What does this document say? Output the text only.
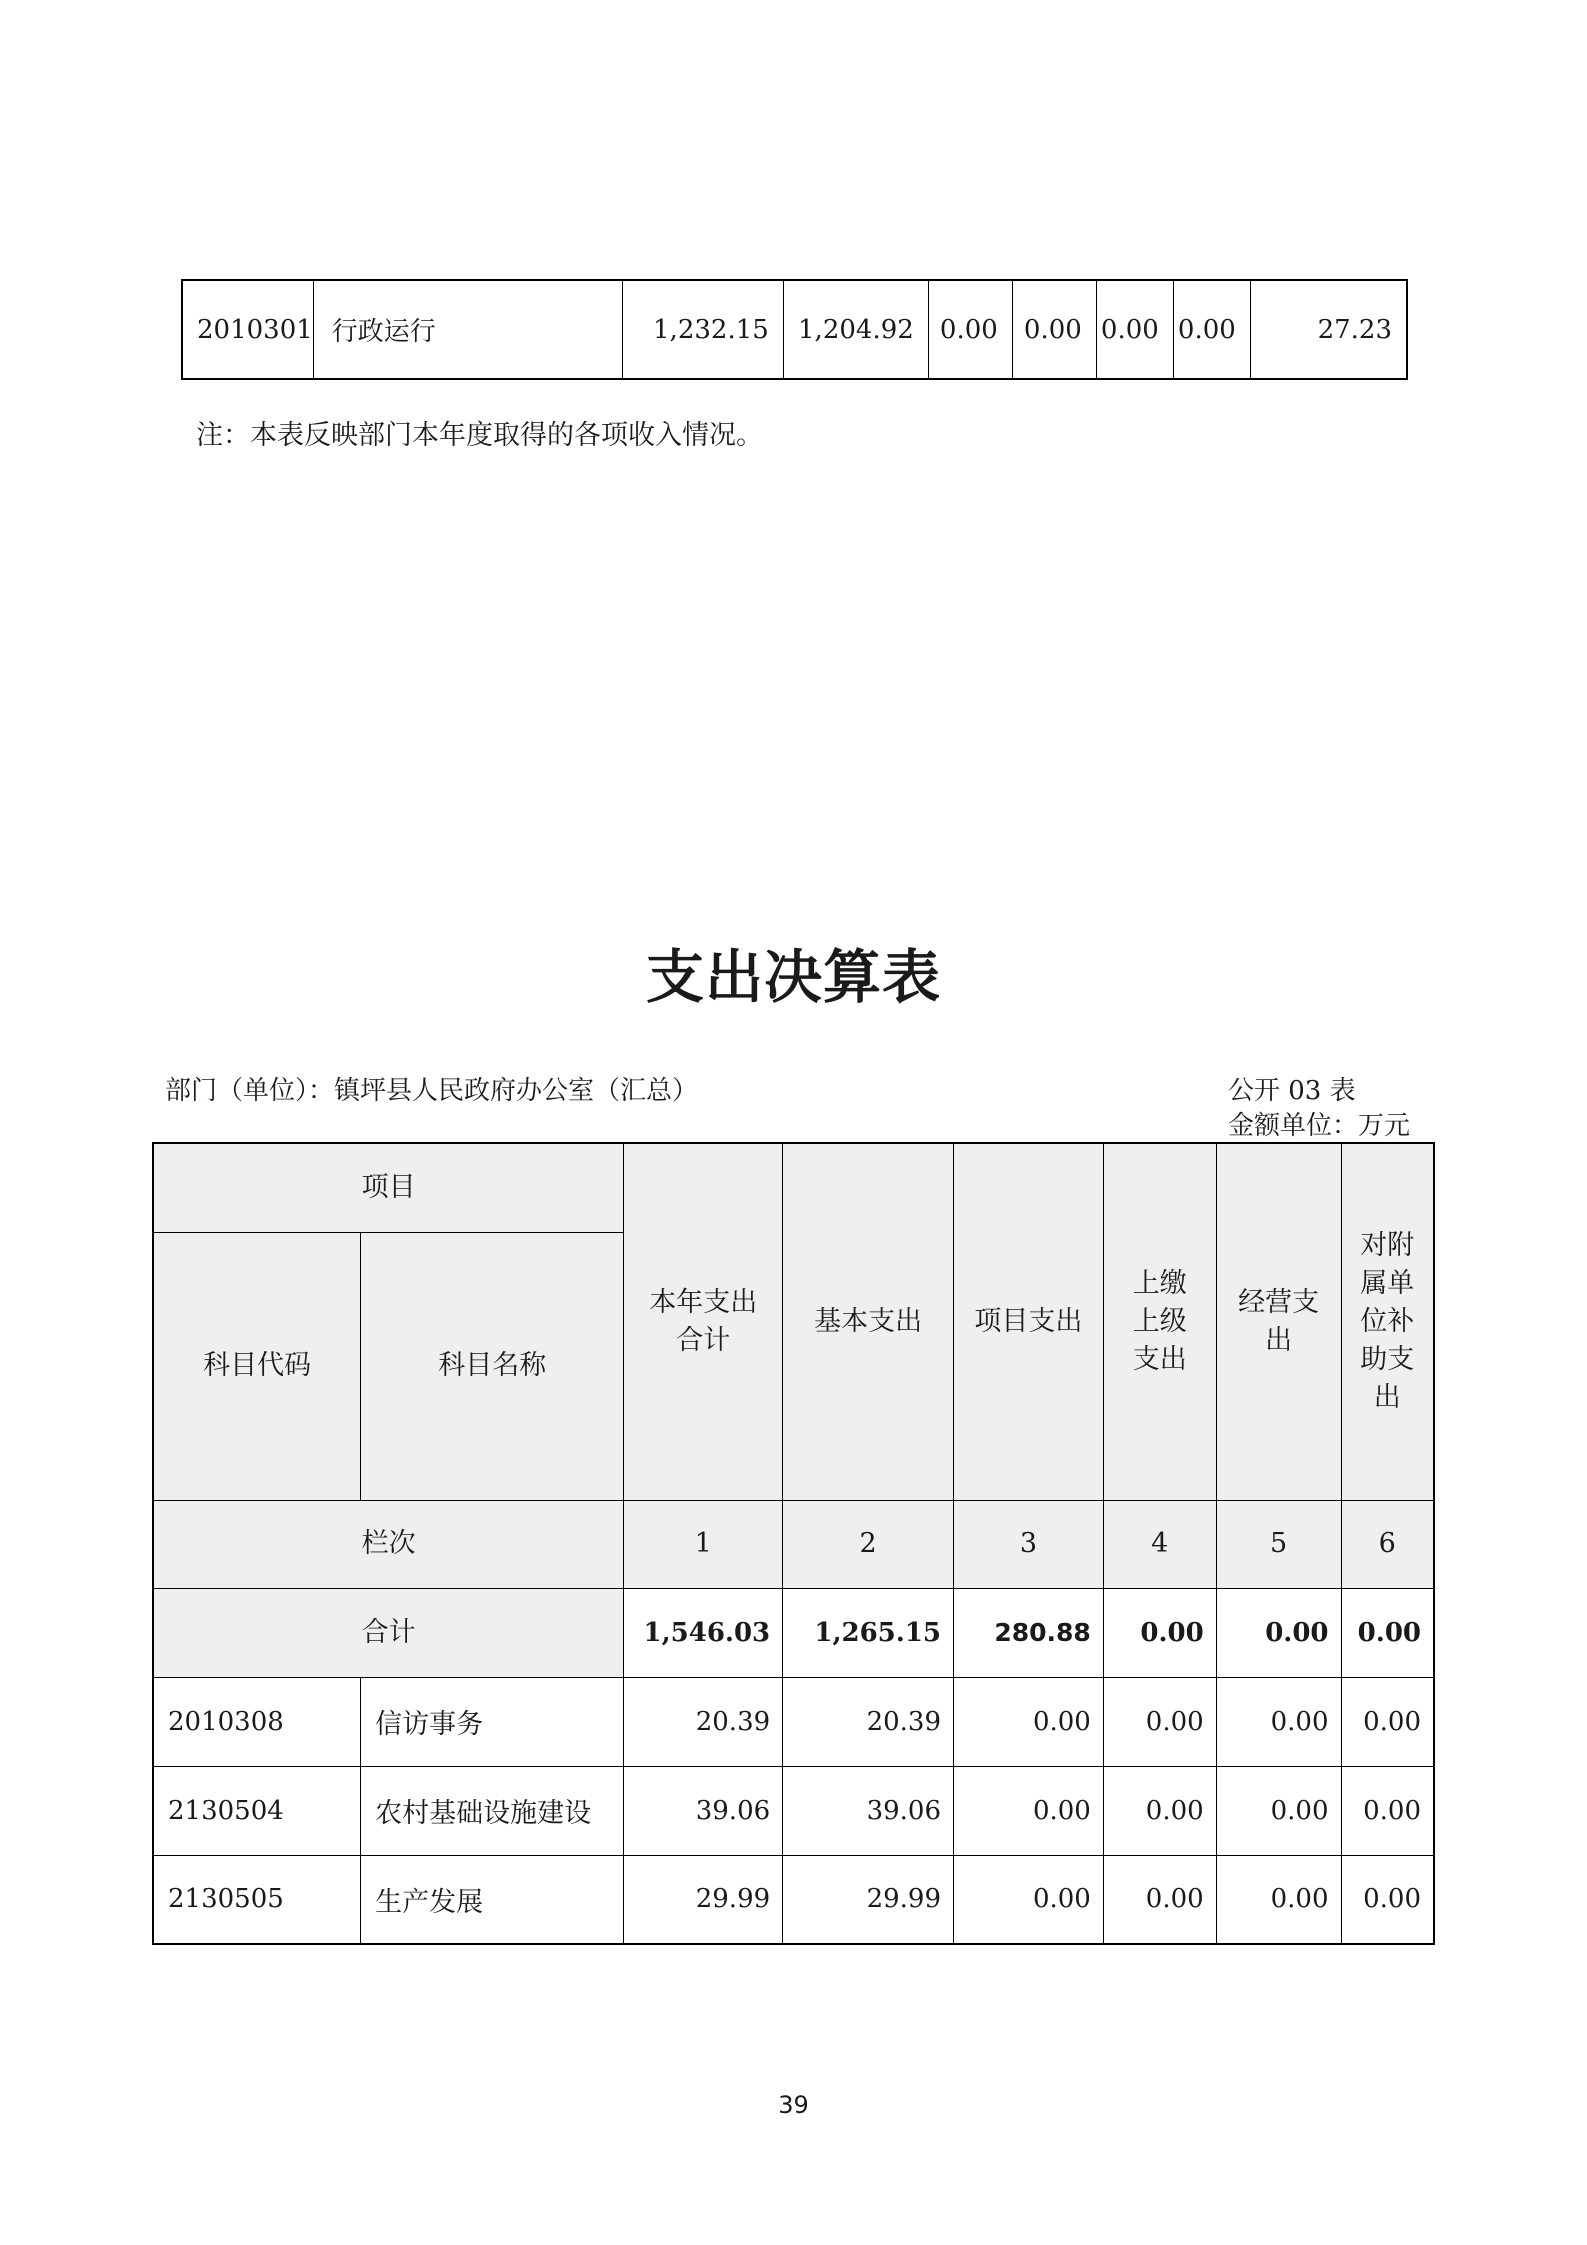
2010301	行政运行	1,232.15	1,204.92	0.00	0.00	0.00	0.00	27.23
注：本表反映部门本年度取得的各项收入情况。
支出决算表
部门（单位）：镇坪县人民政府办公室（汇总）	公开 03 表
金额单位：万元
项目		本年支出合计	基本支出	项目支出	上缴上级支出	经营支出	对附属单位补助支出

科目代码	科目名称						
栏次		1	2	3	4	5	6
合计		1,546.03	1,265.15	280.88	0.00	0.00	0.00
2010308	信访事务	20.39	20.39	0.00	0.00	0.00	0.00
2130504	农村基础设施建设	39.06	39.06	0.00	0.00	0.00	0.00
2130505	生产发展	29.99	29.99	0.00	0.00	0.00	0.00
39
